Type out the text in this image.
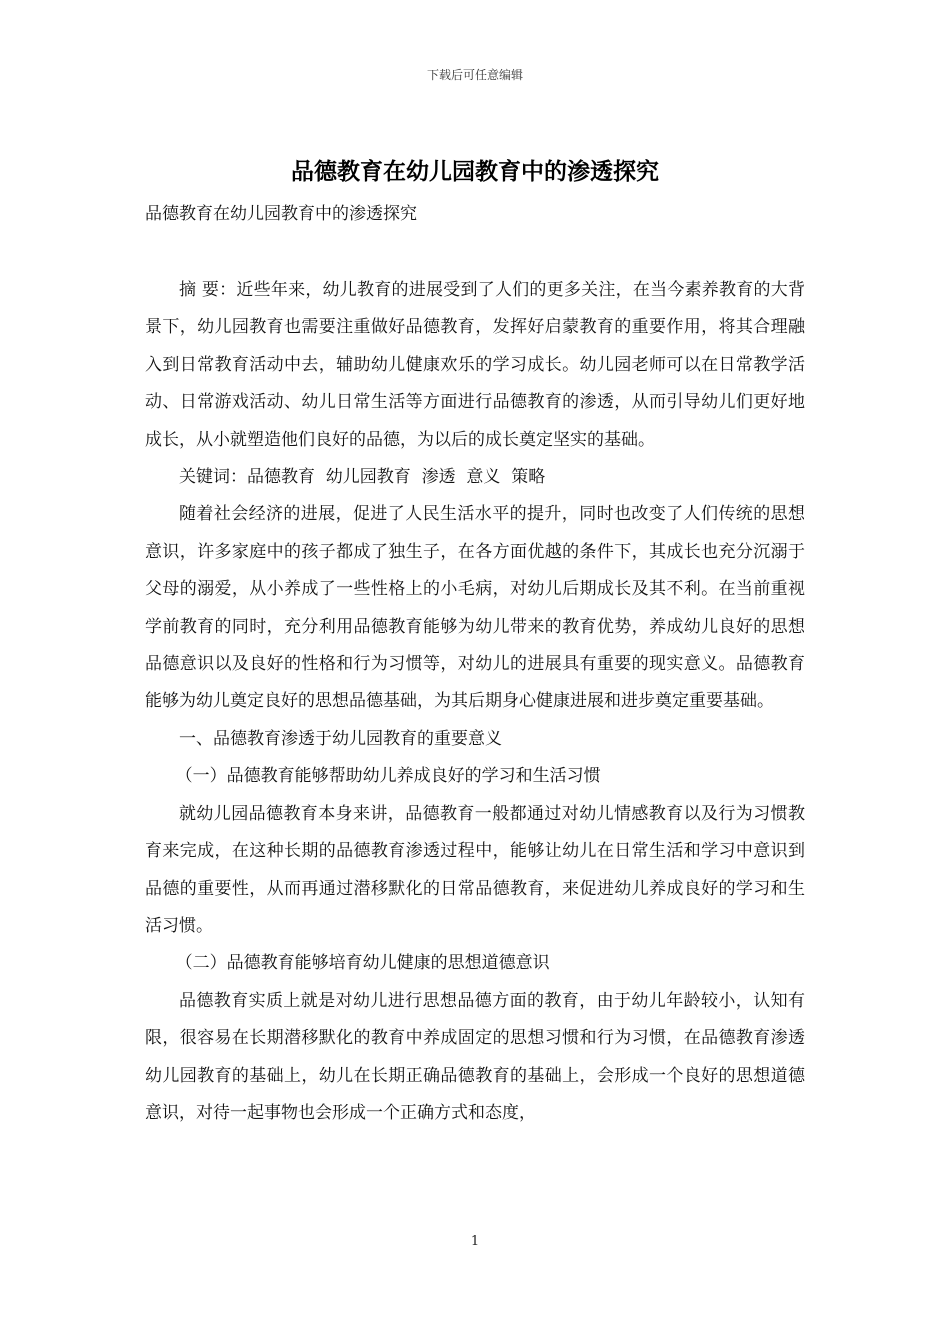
下载后可任意编辑
品德教育在幼儿园教育中的渗透探究
品德教育在幼儿园教育中的渗透探究

摘 要：近些年来，幼儿教育的进展受到了人们的更多关注，在当今素养教育的大背景下，幼儿园教育也需要注重做好品德教育，发挥好启蒙教育的重要作用，将其合理融入到日常教育活动中去，辅助幼儿健康欢乐的学习成长。幼儿园老师可以在日常教学活动、日常游戏活动、幼儿日常生活等方面进行品德教育的渗透，从而引导幼儿们更好地成长，从小就塑造他们良好的品德，为以后的成长奠定坚实的基础。

关键词：品德教育  幼儿园教育  渗透  意义  策略

随着社会经济的进展，促进了人民生活水平的提升，同时也改变了人们传统的思想意识，许多家庭中的孩子都成了独生子，在各方面优越的条件下，其成长也充分沉溺于父母的溺爱，从小养成了一些性格上的小毛病，对幼儿后期成长及其不利。在当前重视学前教育的同时，充分利用品德教育能够为幼儿带来的教育优势，养成幼儿良好的思想品德意识以及良好的性格和行为习惯等，对幼儿的进展具有重要的现实意义。品德教育能够为幼儿奠定良好的思想品德基础，为其后期身心健康进展和进步奠定重要基础。

一、品德教育渗透于幼儿园教育的重要意义

（一）品德教育能够帮助幼儿养成良好的学习和生活习惯

就幼儿园品德教育本身来讲，品德教育一般都通过对幼儿情感教育以及行为习惯教育来完成，在这种长期的品德教育渗透过程中，能够让幼儿在日常生活和学习中意识到品德的重要性，从而再通过潜移默化的日常品德教育，来促进幼儿养成良好的学习和生活习惯。

（二）品德教育能够培育幼儿健康的思想道德意识

品德教育实质上就是对幼儿进行思想品德方面的教育，由于幼儿年龄较小，认知有限，很容易在长期潜移默化的教育中养成固定的思想习惯和行为习惯，在品德教育渗透幼儿园教育的基础上，幼儿在长期正确品德教育的基础上，会形成一个良好的思想道德意识，对待一起事物也会形成一个正确方式和态度，

1
